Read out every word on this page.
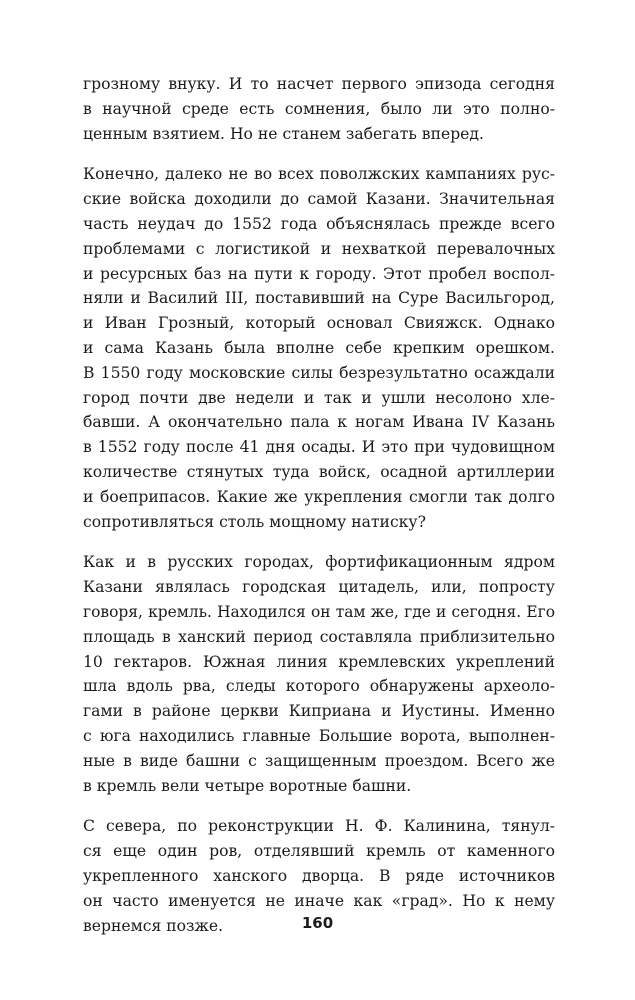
грозному внуку. И то насчет первого эпизода сегодня
в научной среде есть сомнения, было ли это полно-
ценным взятием. Но не станем забегать вперед.

Конечно, далеко не во всех поволжских кампаниях рус-
ские войска доходили до самой Казани. Значительная
часть неудач до 1552 года объяснялась прежде всего
проблемами с логистикой и нехваткой перевалочных
и ресурсных баз на пути к городу. Этот пробел воспол-
няли и Василий III, поставивший на Суре Васильгород,
и Иван Грозный, который основал Свияжск. Однако
и сама Казань была вполне себе крепким орешком.
В 1550 году московские силы безрезультатно осаждали
город почти две недели и так и ушли несолоно хле-
бавши. А окончательно пала к ногам Ивана IV Казань
в 1552 году после 41 дня осады. И это при чудовищном
количестве стянутых туда войск, осадной артиллерии
и боеприпасов. Какие же укрепления смогли так долго
сопротивляться столь мощному натиску?

Как и в русских городах, фортификационным ядром
Казани являлась городская цитадель, или, попросту
говоря, кремль. Находился он там же, где и сегодня. Его
площадь в ханский период составляла приблизительно
10 гектаров. Южная линия кремлевских укреплений
шла вдоль рва, следы которого обнаружены археоло-
гами в районе церкви Киприана и Иустины. Именно
с юга находились главные Большие ворота, выполнен-
ные в виде башни с защищенным проездом. Всего же
в кремль вели четыре воротные башни.

С севера, по реконструкции Н. Ф. Калинина, тянул-
ся еще один ров, отделявший кремль от каменного
укрепленного ханского дворца. В ряде источников
он часто именуется не иначе как «град». Но к нему
вернемся позже.	160
